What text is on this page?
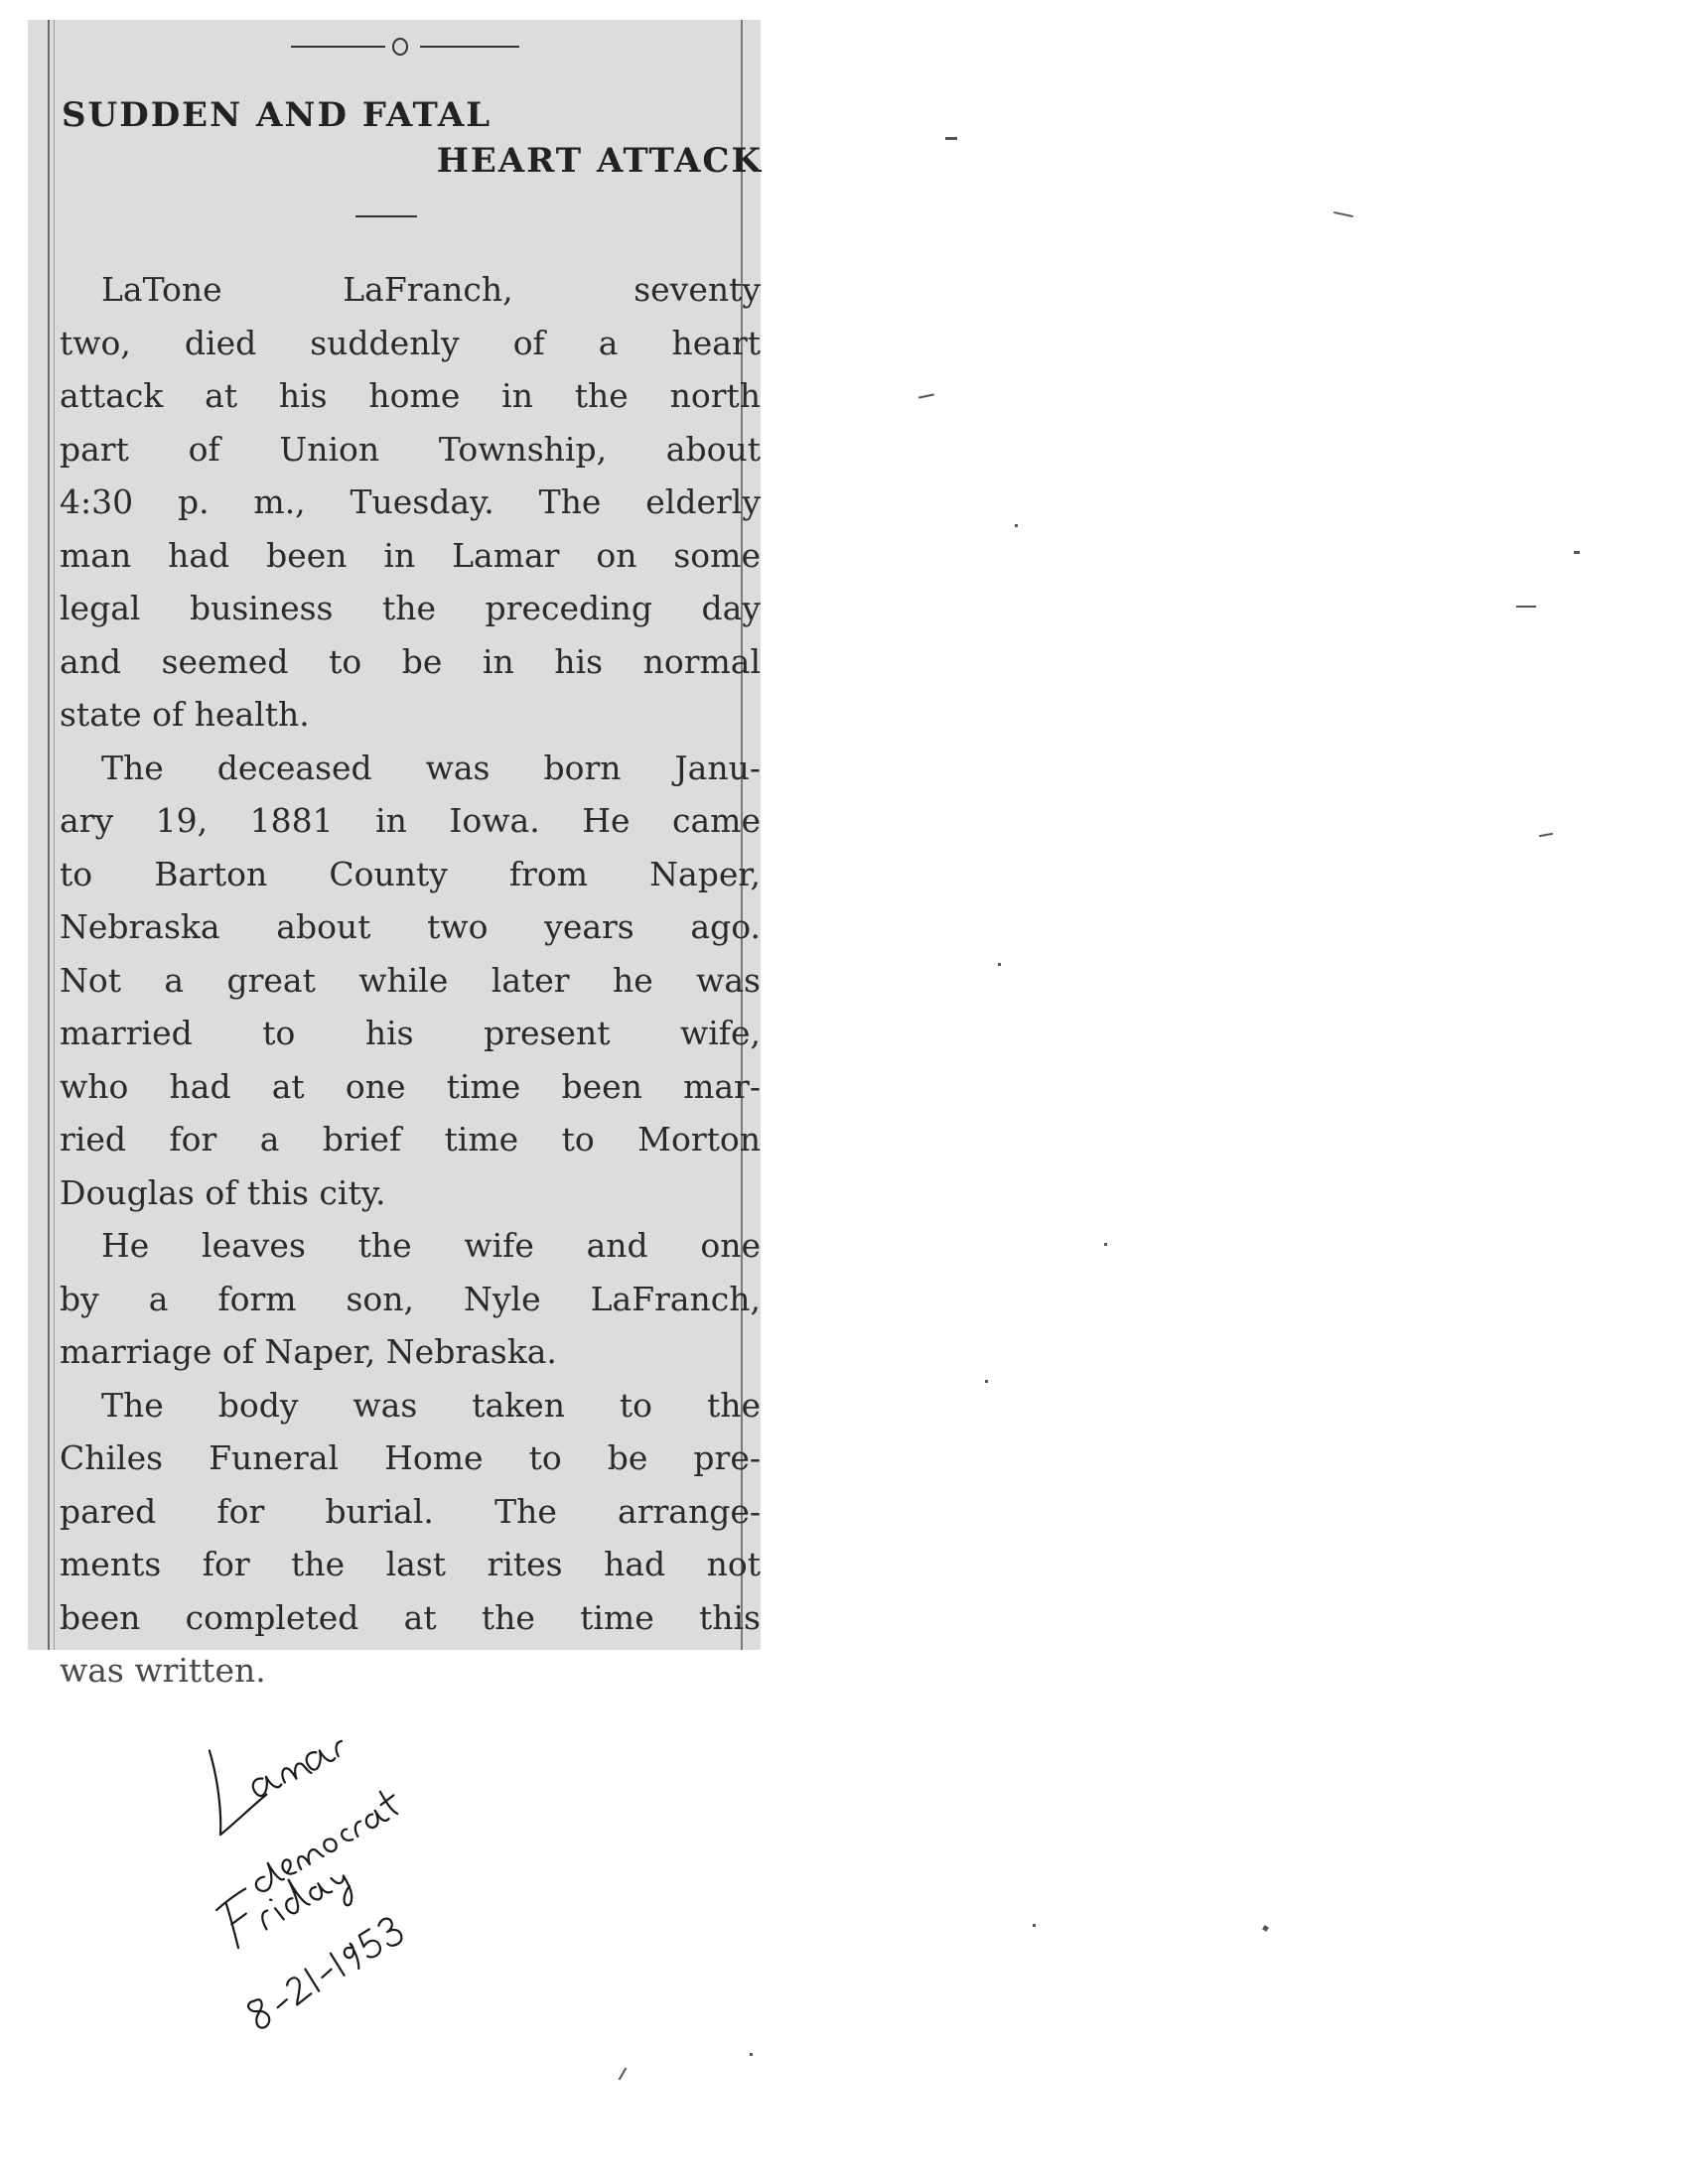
SUDDEN AND FATAL
HEART ATTACK
LaTone LaFranch, seventy
two, died suddenly of a heart
attack at his home in the north
part of Union Township, about
4:30 p. m., Tuesday. The elderly
man had been in Lamar on some
legal business the preceding day
and seemed to be in his normal
state of health.
The deceased was born Janu-
ary 19, 1881 in Iowa. He came
to Barton County from Naper,
Nebraska about two years ago.
Not a great while later he was
married to his present wife,
who had at one time been mar-
ried for a brief time to Morton
Douglas of this city.
He leaves the wife and one
by a form son, Nyle LaFranch,
marriage of Naper, Nebraska.
The body was taken to the
Chiles Funeral Home to be pre-
pared for burial. The arrange-
ments for the last rites had not
been completed at the time this
was written.
